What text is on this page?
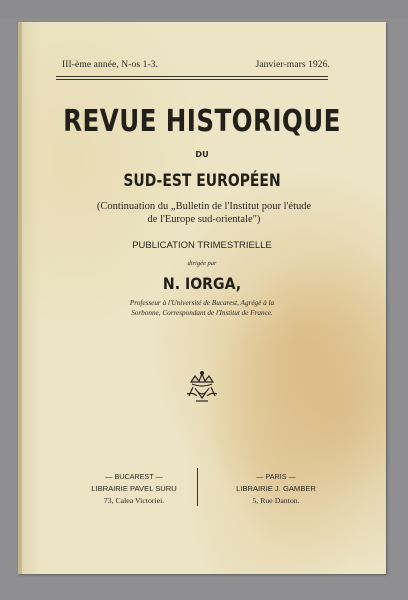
III-ème année, N-os 1-3.	Janvier-mars 1926.
REVUE HISTORIQUE
DU
SUD-EST EUROPÉEN
(Continuation du „Bulletin de l'Institut pour l'étude
de l'Europe sud-orientale")
PUBLICATION TRIMESTRIELLE
dirigée par
N. IORGA,
Professeur à l'Université de Bucarest, Agrégé à la
Sorbonne, Correspondant de l'Institut de France.
— BUCAREST —
LIBRAIRIE PAVEL SURU
73, Calea Victoriei.
— PARIS —
LIBRAIRIE J. GAMBER
5, Rue Danton.
